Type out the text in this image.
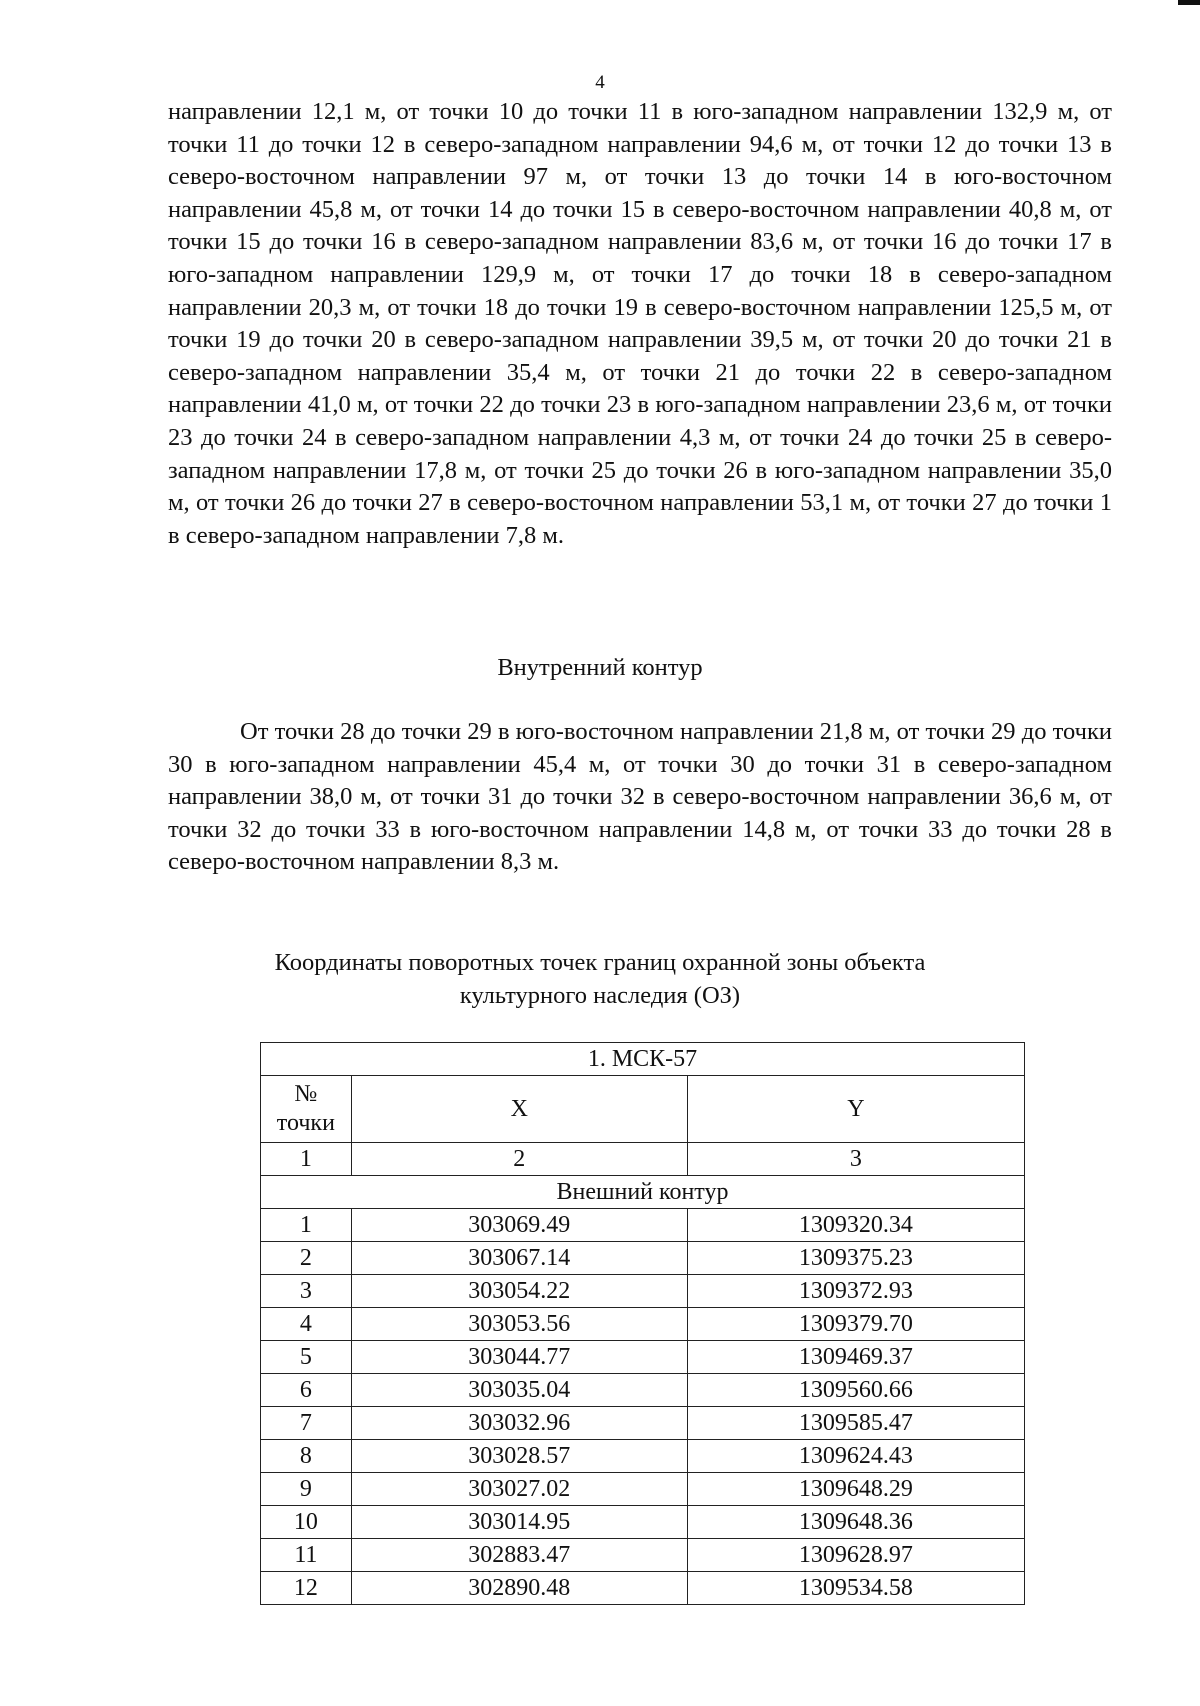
4

направлении 12,1 м, от точки 10 до точки 11 в юго-западном направлении 132,9 м, от точки 11 до точки 12 в северо-западном направлении 94,6 м, от точки 12 до точки 13 в северо-восточном направлении 97 м, от точки 13 до точки 14 в юго-восточном направлении 45,8 м, от точки 14 до точки 15 в северо-восточном направлении 40,8 м, от точки 15 до точки 16 в северо-западном направлении 83,6 м, от точки 16 до точки 17 в юго-западном направлении 129,9 м, от точки 17 до точки 18 в северо-западном направлении 20,3 м, от точки 18 до точки 19 в северо-восточном направлении 125,5 м, от точки 19 до точки 20 в северо-западном направлении 39,5 м, от точки 20 до точки 21 в северо-западном направлении 35,4 м, от точки 21 до точки 22 в северо-западном направлении 41,0 м, от точки 22 до точки 23 в юго-западном направлении 23,6 м, от точки 23 до точки 24 в северо-западном направлении 4,3 м, от точки 24 до точки 25 в северо-западном направлении 17,8 м, от точки 25 до точки 26 в юго-западном направлении 35,0 м, от точки 26 до точки 27 в северо-восточном направлении 53,1 м, от точки 27 до точки 1 в северо-западном направлении 7,8 м.

Внутренний контур

От точки 28 до точки 29 в юго-восточном направлении 21,8 м, от точки 29 до точки 30 в юго-западном направлении 45,4 м, от точки 30 до точки 31 в северо-западном направлении 38,0 м, от точки 31 до точки 32 в северо-восточном направлении 36,6 м, от точки 32 до точки 33 в юго-восточном направлении 14,8 м, от точки 33 до точки 28 в северо-восточном направлении 8,3 м.

Координаты поворотных точек границ охранной зоны объекта
культурного наследия (ОЗ)
1. МСК-57		

№
точки	X	Y
1	2	3
Внешний контур		
1	303069.49	1309320.34
2	303067.14	1309375.23
3	303054.22	1309372.93
4	303053.56	1309379.70
5	303044.77	1309469.37
6	303035.04	1309560.66
7	303032.96	1309585.47
8	303028.57	1309624.43
9	303027.02	1309648.29
10	303014.95	1309648.36
11	302883.47	1309628.97
12	302890.48	1309534.58
